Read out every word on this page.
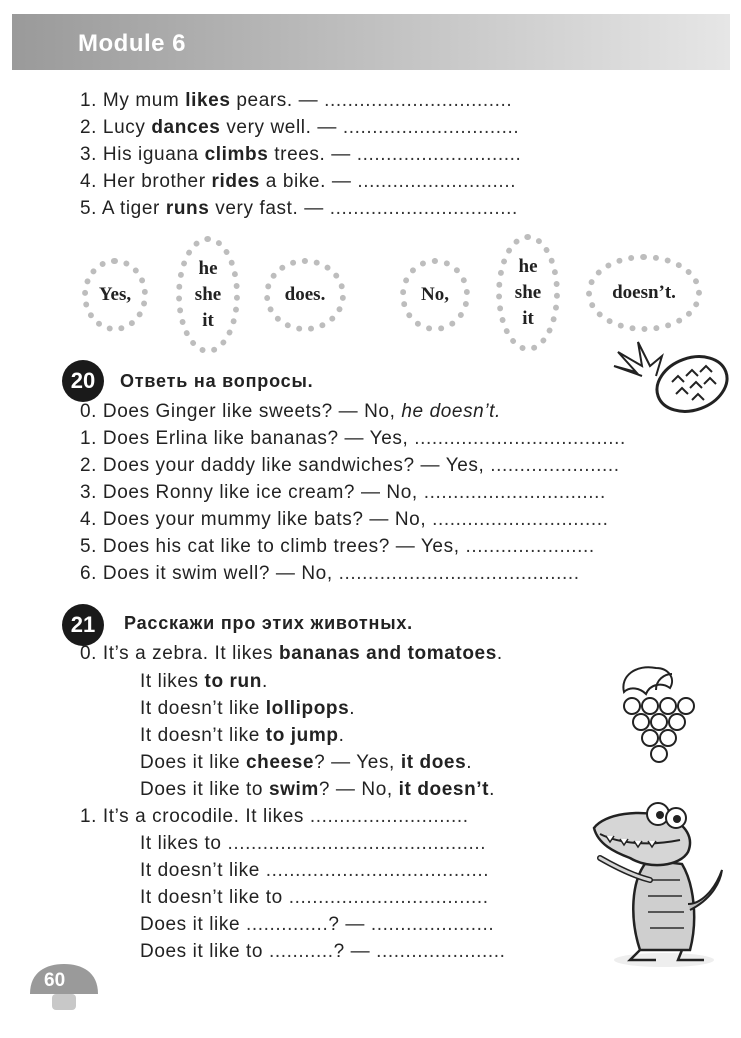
Module 6
1. My mum likes pears. — ................................
2. Lucy dances very well. — ..............................
3. His iguana climbs trees. — ............................
4. Her brother rides a bike. — ...........................
5. A tiger runs very fast. — ................................
Yes,
he
she
it
does.	No,
he
she
it
doesn’t.
20	Ответь на вопросы.
0. Does Ginger like sweets? — No, he doesn’t.
1. Does Erlina like bananas? — Yes, ....................................
2. Does your daddy like sandwiches? — Yes, ......................
3. Does Ronny like ice cream? — No, ...............................
4. Does your mummy like bats? — No, ..............................
5. Does his cat like to climb trees? — Yes, ......................
6. Does it swim well? — No, .........................................
21	Расскажи про этих животных.
0. It’s a zebra. It likes bananas and tomatoes.
It likes to run.
It doesn’t like lollipops.
It doesn’t like to jump.
Does it like cheese? — Yes, it does.
Does it like to swim? — No, it doesn’t.
1. It’s a crocodile. It likes ...........................
It likes to ............................................
It doesn’t like ......................................
It doesn’t like to ..................................
Does it like ..............? — .....................
Does it like to ...........? — ......................
60
